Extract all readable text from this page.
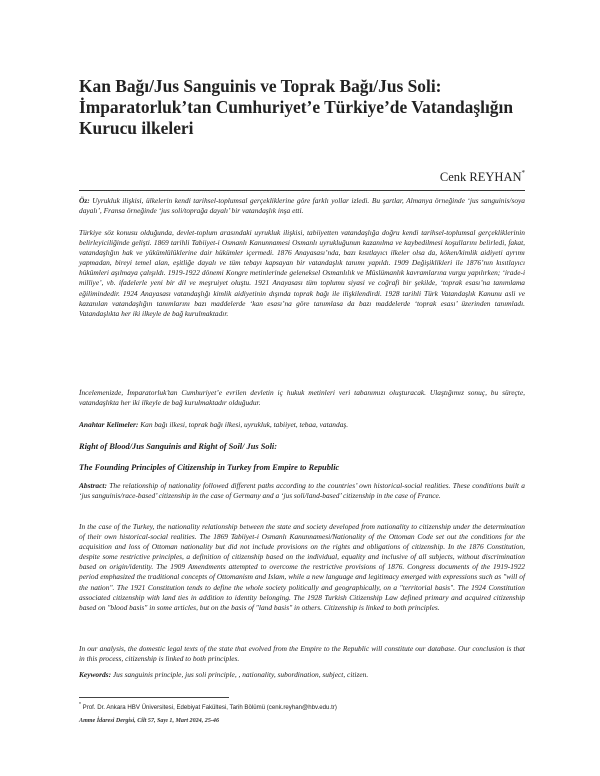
Kan Bağı/Jus Sanguinis ve Toprak Bağı/Jus Soli:
İmparatorluk’tan Cumhuriyet’e Türkiye’de Vatandaşlığın
Kurucu ilkeleri
Cenk REYHAN*
Öz: Uyrukluk ilişkisi, ülkelerin kendi tarihsel-toplumsal gerçekliklerine göre farklı yollar izledi. Bu şartlar, Almanya örneğinde ‘jus sanguinis/soya dayalı’, Fransa örneğinde ‘jus soli/toprağa dayalı’ bir vatandaşlık inşa etti.
Türkiye söz konusu olduğunda, devlet-toplum arasındaki uyrukluk ilişkisi, tabiiyetten vatandaşlığa doğru kendi tarihsel-toplumsal gerçekliklerinin belirleyiciliğinde gelişti. 1869 tarihli Tabiiyet-i Osmanlı Kanunnamesi Osmanlı uyrukluğunun kazanılma ve kaybedilmesi koşullarını belirledi, fakat, vatandaşlığın hak ve yükümlülüklerine dair hükümler içermedi. 1876 Anayasası’nda, bazı kısıtlayıcı ilkeler olsa da, köken/kimlik aidiyeti ayrımı yapmadan, bireyi temel alan, eşitliğe dayalı ve tüm tebayı kapsayan bir vatandaşlık tanımı yapıldı. 1909 Değişiklikleri ile 1876’nın kısıtlayıcı hükümleri aşılmaya çalışıldı. 1919-1922 dönemi Kongre metinlerinde geleneksel Osmanlılık ve Müslümanlık kavramlarına vurgu yapılırken; ‘irade-i milliye’, vb. ifadelerle yeni bir dil ve meşruiyet oluştu. 1921 Anayasası tüm toplumu siyasi ve coğrafi bir şekilde, ‘toprak esası’na tanımlama eğilimindedir. 1924 Anayasası vatandaşlığı kimlik aidiyetinin dışında toprak bağı ile ilişkilendirdi. 1928 tarihli Türk Vatandaşlık Kanunu asli ve kazanılan vatandaşlığın tanımlarını bazı maddelerde ‘kan esası’na göre tanımlasa da bazı maddelerde ‘toprak esası’ üzerinden tanımladı. Vatandaşlıkta her iki ilkeyle de bağ kurulmaktadır.
İncelemenizde, İmparatorluk’tan Cumhuriyet’e evrilen devletin iç hukuk metinleri veri tabanımızı oluşturacak. Ulaştığımız sonuç, bu süreçte, vatandaşlıkta her iki ilkeyle de bağ kurulmaktadır olduğudur.
Anahtar Kelimeler: Kan bağı ilkesi, toprak bağı ilkesi, uyrukluk, tabiiyet, tebaa, vatandaş.
Right of Blood/Jus Sanguinis and Right of Soil/ Jus Soli:
The Founding Principles of Citizenship in Turkey from Empire to Republic
Abstract: The relationship of nationality followed different paths according to the countries’ own historical-social realities. These conditions built a ‘jus sanguinis/race-based’ citizenship in the case of Germany and a ‘jus soli/land-based’ citizenship in the case of France.
In the case of the Turkey, the nationality relationship between the state and society developed from nationality to citizenship under the determination of their own historical-social realities. The 1869 Tabiiyet-i Osmanlı Kanunnamesi/Nationality of the Ottoman Code set out the conditions for the acquisition and loss of Ottoman nationality but did not include provisions on the rights and obligations of citizenship. In the 1876 Constitution, despite some restrictive principles, a definition of citizenship based on the individual, equality and inclusive of all subjects, without discrimination based on origin/identity. The 1909 Amendments attempted to overcome the restrictive provisions of 1876. Congress documents of the 1919-1922 period emphasized the traditional concepts of Ottomanism and Islam, while a new language and legitimacy emerged with expressions such as "will of the nation". The 1921 Constitution tends to define the whole society politically and geographically, on a "territorial basis". The 1924 Constitution associated citizenship with land ties in addition to identity belonging. The 1928 Turkish Citizenship Law defined primary and acquired citizenship based on "blood basis" in some articles, but on the basis of "land basis" in others. Citizenship is linked to both principles.
In our analysis, the domestic legal texts of the state that evolved from the Empire to the Republic will constitute our database. Our conclusion is that in this process, citizenship is linked to both principles.
Keywords: Jus sanguinis principle, jus soli principle, , nationality, subordination, subject, citizen.
* Prof. Dr. Ankara HBV Üniversitesi, Edebiyat Fakültesi, Tarih Bölümü (cenk.reyhan@hbv.edu.tr)
Amme İdaresi Dergisi, Cilt 57, Sayı 1, Mart 2024, 25-46
